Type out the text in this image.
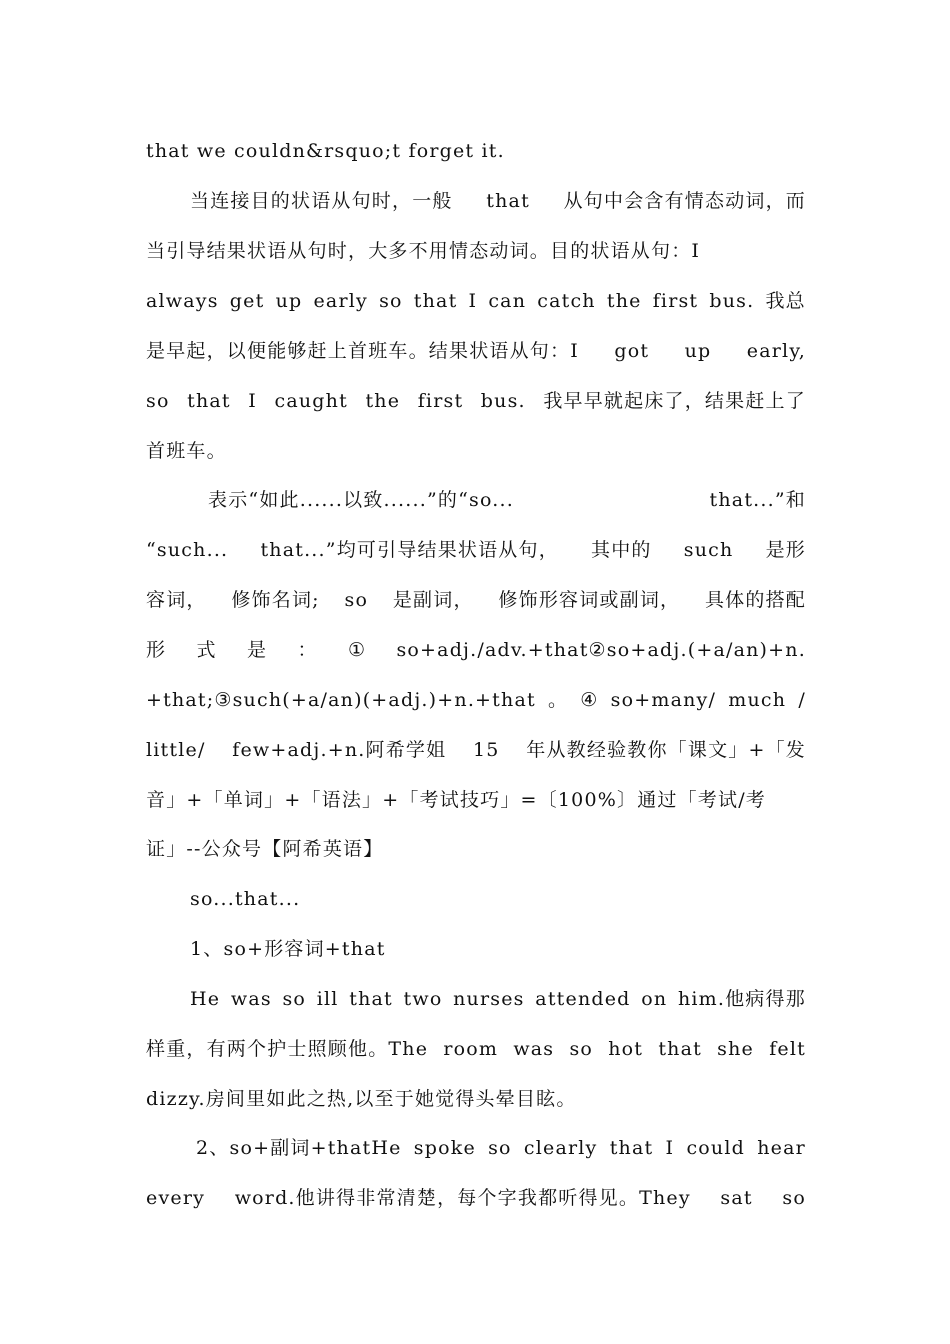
that we couldn&rsquo;t forget it.
当连接目的状语从句时，一般 that 从句中会含有情态动词，而
当引导结果状语从句时，大多不用情态动词。目的状语从句：I
always get up early so that I can catch the first bus. 我总
是早起，以便能够赶上首班车。结果状语从句：I got up early,
so that I caught the first bus. 我早早就起床了，结果赶上了
首班车。
表示“如此......以致......”的“so...	that...”和
“such... that...”均可引导结果状语从句， 其中的 such 是形
容词， 修饰名词; so 是副词， 修饰形容词或副词， 具体的搭配
形 式 是 ： ① so+adj./adv.+that②so+adj.(+a/an)+n.
+that;③such(+a/an)(+adj.)+n.+that 。 ④ so+many/ much /
little/ few+adj.+n.阿希学姐 15 年从教经验教你「课文」+「发
音」+「单词」+「语法」+「考试技巧」=〔100%〕通过「考试/考
证」--公众号【阿希英语】
so...that...
1、so+形容词+that
He was so ill that two nurses attended on him.他病得那
样重，有两个护士照顾他。The room was so hot that she felt
dizzy.房间里如此之热,以至于她觉得头晕目眩。
2、so+副词+thatHe spoke so clearly that I could hear
every word.他讲得非常清楚，每个字我都听得见。They sat so
